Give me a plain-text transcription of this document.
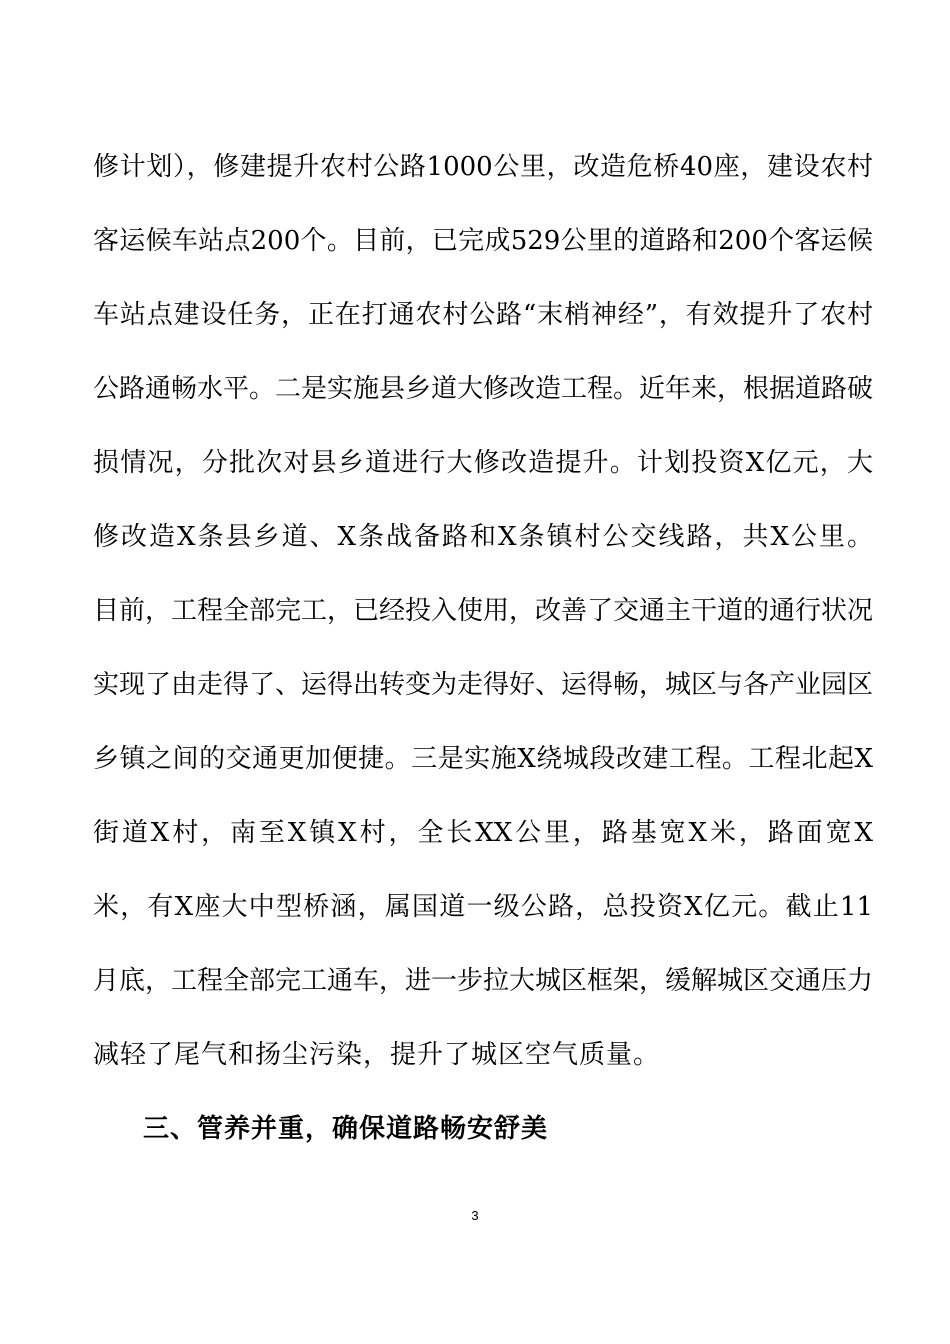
修计划），修建提升农村公路1000公里，改造危桥40座，建设农村
客运候车站点200个。目前，已完成529公里的道路和200个客运候
车站点建设任务，正在打通农村公路“末梢神经”，有效提升了农村
公路通畅水平。二是实施县乡道大修改造工程。近年来，根据道路破
损情况，分批次对县乡道进行大修改造提升。计划投资X亿元，大
修改造X条县乡道、X条战备路和X条镇村公交线路，共X公里。
目前，工程全部完工，已经投入使用，改善了交通主干道的通行状况
实现了由走得了、运得出转变为走得好、运得畅，城区与各产业园区
乡镇之间的交通更加便捷。三是实施X绕城段改建工程。工程北起X
街道X村，南至X镇X村，全长XX公里，路基宽X米，路面宽X
米，有X座大中型桥涵，属国道一级公路，总投资X亿元。截止11
月底，工程全部完工通车，进一步拉大城区框架，缓解城区交通压力
减轻了尾气和扬尘污染，提升了城区空气质量。
三、管养并重，确保道路畅安舒美
3
